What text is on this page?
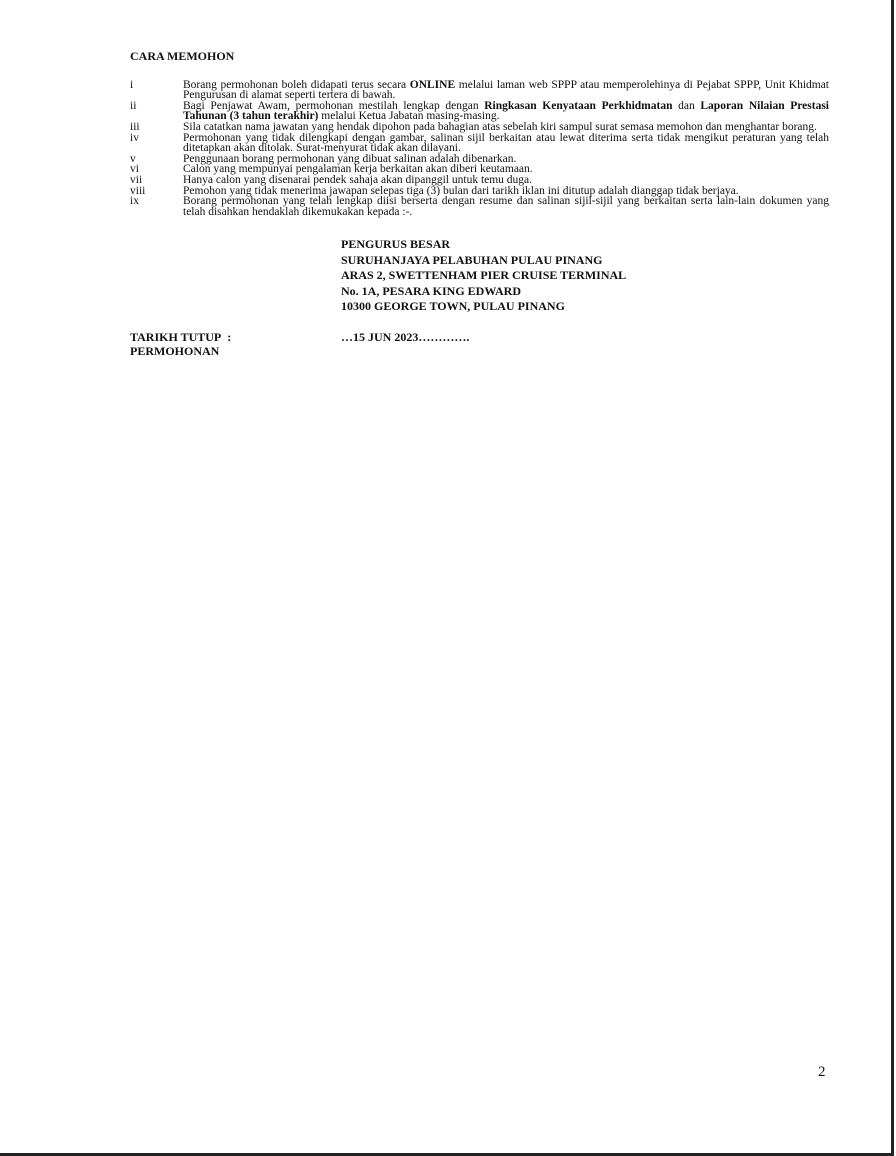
CARA MEMOHON
i	Borang permohonan boleh didapati terus secara ONLINE melalui laman web SPPP atau memperolehinya di Pejabat SPPP, Unit Khidmat Pengurusan di alamat seperti tertera di bawah.
ii	Bagi Penjawat Awam, permohonan mestilah lengkap dengan Ringkasan Kenyataan Perkhidmatan dan Laporan Nilaian Prestasi Tahunan (3 tahun terakhir) melalui Ketua Jabatan masing-masing.
iii	Sila catatkan nama jawatan yang hendak dipohon pada bahagian atas sebelah kiri sampul surat semasa memohon dan menghantar borang.
iv	Permohonan yang tidak dilengkapi dengan gambar, salinan sijil berkaitan atau lewat diterima serta tidak mengikut peraturan yang telah ditetapkan akan ditolak. Surat-menyurat tidak akan dilayani.
v	Penggunaan borang permohonan yang dibuat salinan adalah dibenarkan.
vi	Calon yang mempunyai pengalaman kerja berkaitan akan diberi keutamaan.
vii	Hanya calon yang disenarai pendek sahaja akan dipanggil untuk temu duga.
viii	Pemohon yang tidak menerima jawapan selepas tiga (3) bulan dari tarikh iklan ini ditutup adalah dianggap tidak berjaya.
ix	Borang permohonan yang telah lengkap diisi berserta dengan resume dan salinan sijil-sijil yang berkaitan serta lain-lain dokumen yang telah disahkan hendaklah dikemukakan kepada :-.
PENGURUS BESAR
SURUHANJAYA PELABUHAN PULAU PINANG
ARAS 2, SWETTENHAM PIER CRUISE TERMINAL
No. 1A, PESARA KING EDWARD
10300 GEORGE TOWN, PULAU PINANG
TARIKH TUTUP :
PERMOHONAN
…15 JUN 2023………….
2
